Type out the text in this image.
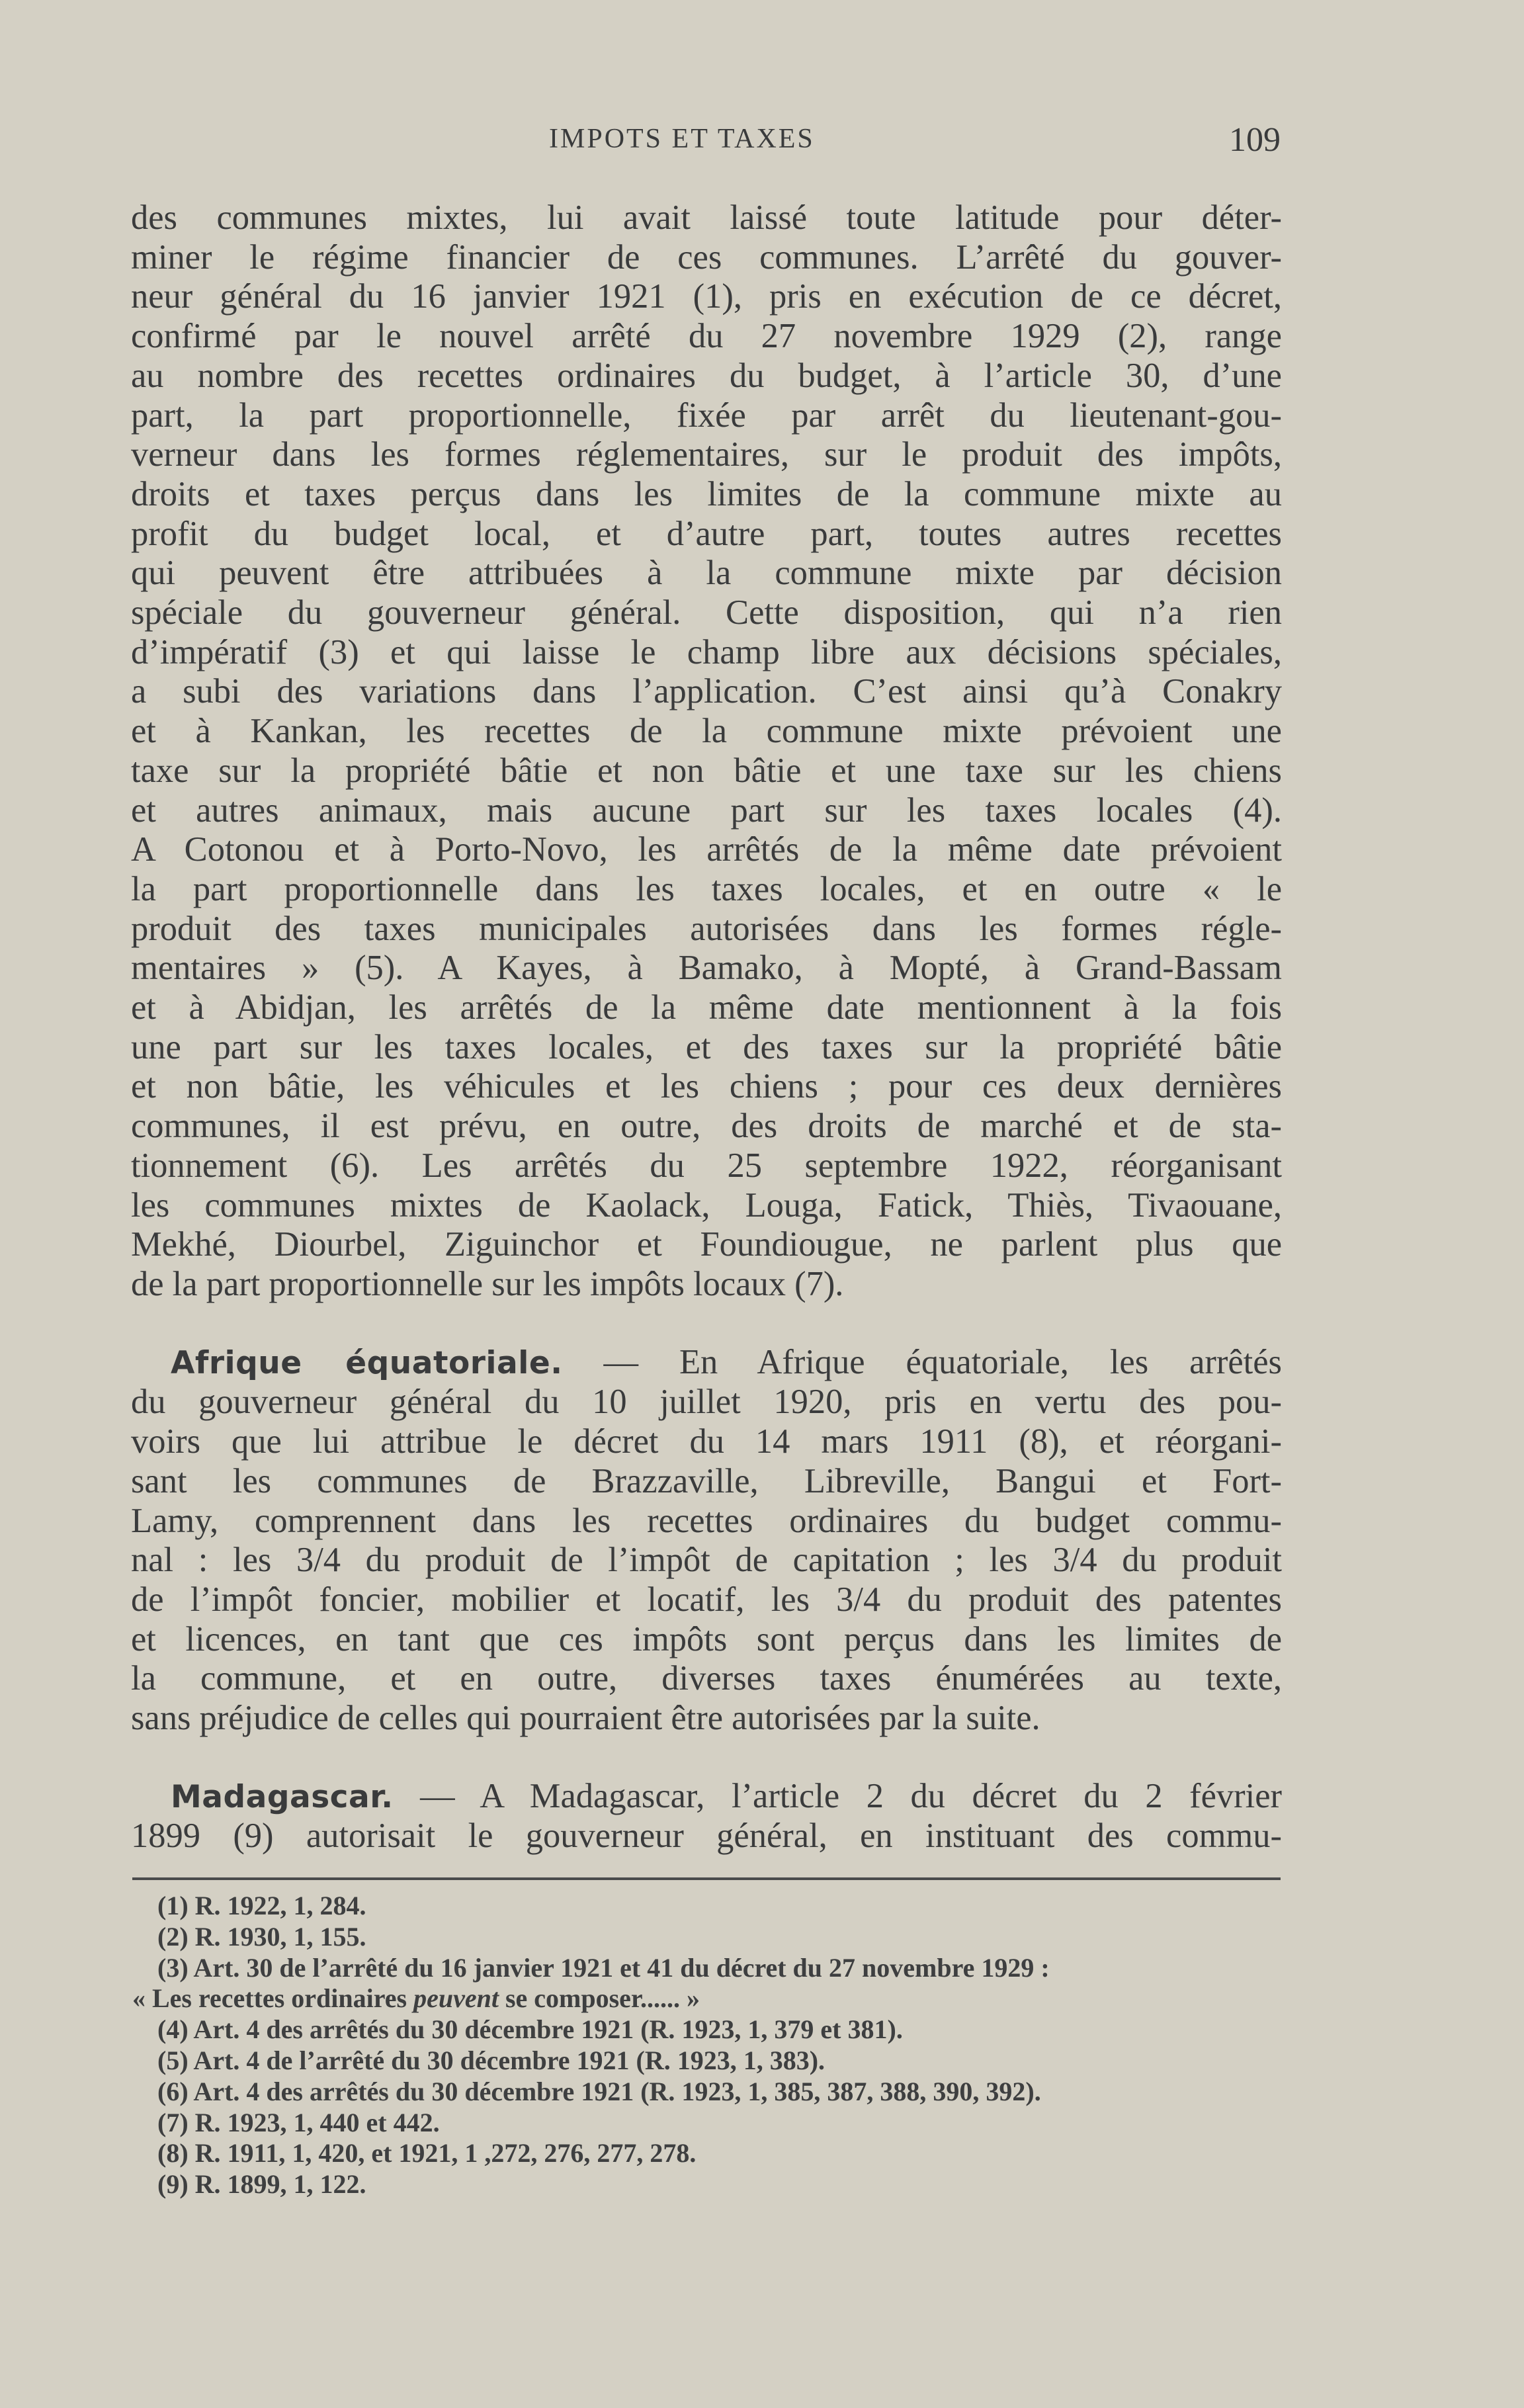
IMPOTS ET TAXES	109
des communes mixtes, lui avait laissé toute latitude pour déter-
miner le régime financier de ces communes. L’arrêté du gouver-
neur général du 16 janvier 1921 (1), pris en exécution de ce décret,
confirmé par le nouvel arrêté du 27 novembre 1929 (2), range
au nombre des recettes ordinaires du budget, à l’article 30, d’une
part, la part proportionnelle, fixée par arrêt du lieutenant-gou-
verneur dans les formes réglementaires, sur le produit des impôts,
droits et taxes perçus dans les limites de la commune mixte au
profit du budget local, et d’autre part, toutes autres recettes
qui peuvent être attribuées à la commune mixte par décision
spéciale du gouverneur général. Cette disposition, qui n’a rien
d’impératif (3) et qui laisse le champ libre aux décisions spéciales,
a subi des variations dans l’application. C’est ainsi qu’à Conakry
et à Kankan, les recettes de la commune mixte prévoient une
taxe sur la propriété bâtie et non bâtie et une taxe sur les chiens
et autres animaux, mais aucune part sur les taxes locales (4).
A Cotonou et à Porto-Novo, les arrêtés de la même date prévoient
la part proportionnelle dans les taxes locales, et en outre « le
produit des taxes municipales autorisées dans les formes régle-
mentaires » (5). A Kayes, à Bamako, à Mopté, à Grand-Bassam
et à Abidjan, les arrêtés de la même date mentionnent à la fois
une part sur les taxes locales, et des taxes sur la propriété bâtie
et non bâtie, les véhicules et les chiens ; pour ces deux dernières
communes, il est prévu, en outre, des droits de marché et de sta-
tionnement (6). Les arrêtés du 25 septembre 1922, réorganisant
les communes mixtes de Kaolack, Louga, Fatick, Thiès, Tivaouane,
Mekhé, Diourbel, Ziguinchor et Foundiougue, ne parlent plus que
de la part proportionnelle sur les impôts locaux (7).
Afrique équatoriale. — En Afrique équatoriale, les arrêtés
du gouverneur général du 10 juillet 1920, pris en vertu des pou-
voirs que lui attribue le décret du 14 mars 1911 (8), et réorgani-
sant les communes de Brazzaville, Libreville, Bangui et Fort-
Lamy, comprennent dans les recettes ordinaires du budget commu-
nal : les 3/4 du produit de l’impôt de capitation ; les 3/4 du produit
de l’impôt foncier, mobilier et locatif, les 3/4 du produit des patentes
et licences, en tant que ces impôts sont perçus dans les limites de
la commune, et en outre, diverses taxes énumérées au texte,
sans préjudice de celles qui pourraient être autorisées par la suite.
Madagascar. — A Madagascar, l’article 2 du décret du 2 février
1899 (9) autorisait le gouverneur général, en instituant des commu-
(1) R. 1922, 1, 284.
(2) R. 1930, 1, 155.
(3) Art. 30 de l’arrêté du 16 janvier 1921 et 41 du décret du 27 novembre 1929 :
« Les recettes ordinaires peuvent se composer...... »
(4) Art. 4 des arrêtés du 30 décembre 1921 (R. 1923, 1, 379 et 381).
(5) Art. 4 de l’arrêté du 30 décembre 1921 (R. 1923, 1, 383).
(6) Art. 4 des arrêtés du 30 décembre 1921 (R. 1923, 1, 385, 387, 388, 390, 392).
(7) R. 1923, 1, 440 et 442.
(8) R. 1911, 1, 420, et 1921, 1 ,272, 276, 277, 278.
(9) R. 1899, 1, 122.
